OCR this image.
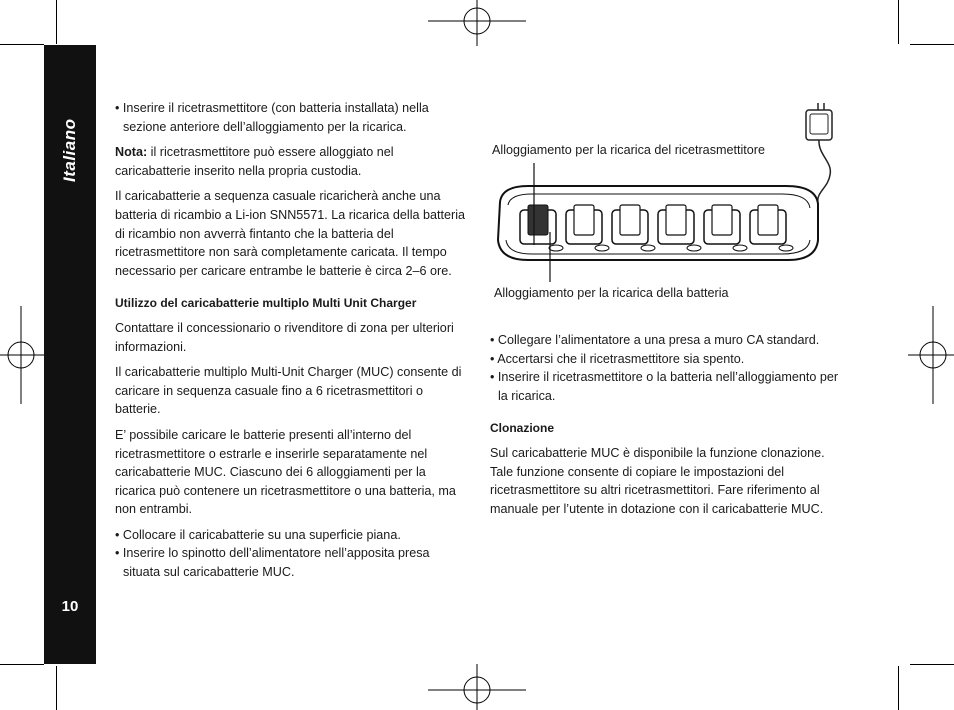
Italiano
10

• Inserire il ricetrasmettitore (con batteria installata) nella sezione anteriore dell’alloggiamento per la ricarica.

Nota: il ricetrasmettitore può essere alloggiato nel caricabatterie inserito nella propria custodia.

Il caricabatterie a sequenza casuale ricaricherà anche una batteria di ricambio a Li-ion SNN5571. La ricarica della batteria di ricambio non avverrà fintanto che la batteria del ricetrasmettitore non sarà completamente caricata. Il tempo necessario per caricare entrambe le batterie è circa 2–6 ore.

Utilizzo del caricabatterie multiplo Multi Unit Charger

Contattare il concessionario o rivenditore di zona per ulteriori informazioni.

Il caricabatterie multiplo Multi-Unit Charger (MUC) consente di caricare in sequenza casuale fino a 6 ricetrasmettitori o batterie.

E’ possibile caricare le batterie presenti all’interno del ricetrasmettitore o estrarle e inserirle separatamente nel caricabatterie MUC. Ciascuno dei 6 alloggiamenti per la ricarica può contenere un ricetrasmettitore o una batteria, ma non entrambi.

• Collocare il caricabatterie su una superficie piana.

• Inserire lo spinotto dell’alimentatore nell’apposita presa situata sul caricabatterie MUC.

Alloggiamento per la ricarica del ricetrasmettitore
Alloggiamento per la ricarica della batteria

• Collegare l’alimentatore a una presa a muro CA standard.

• Accertarsi che il ricetrasmettitore sia spento.

• Inserire il ricetrasmettitore o la batteria nell’alloggiamento per la ricarica.

Clonazione

Sul caricabatterie MUC è disponibile la funzione clonazione. Tale funzione consente di copiare le impostazioni del ricetrasmettitore su altri ricetrasmettitori. Fare riferimento al manuale per l’utente in dotazione con il caricabatterie MUC.
